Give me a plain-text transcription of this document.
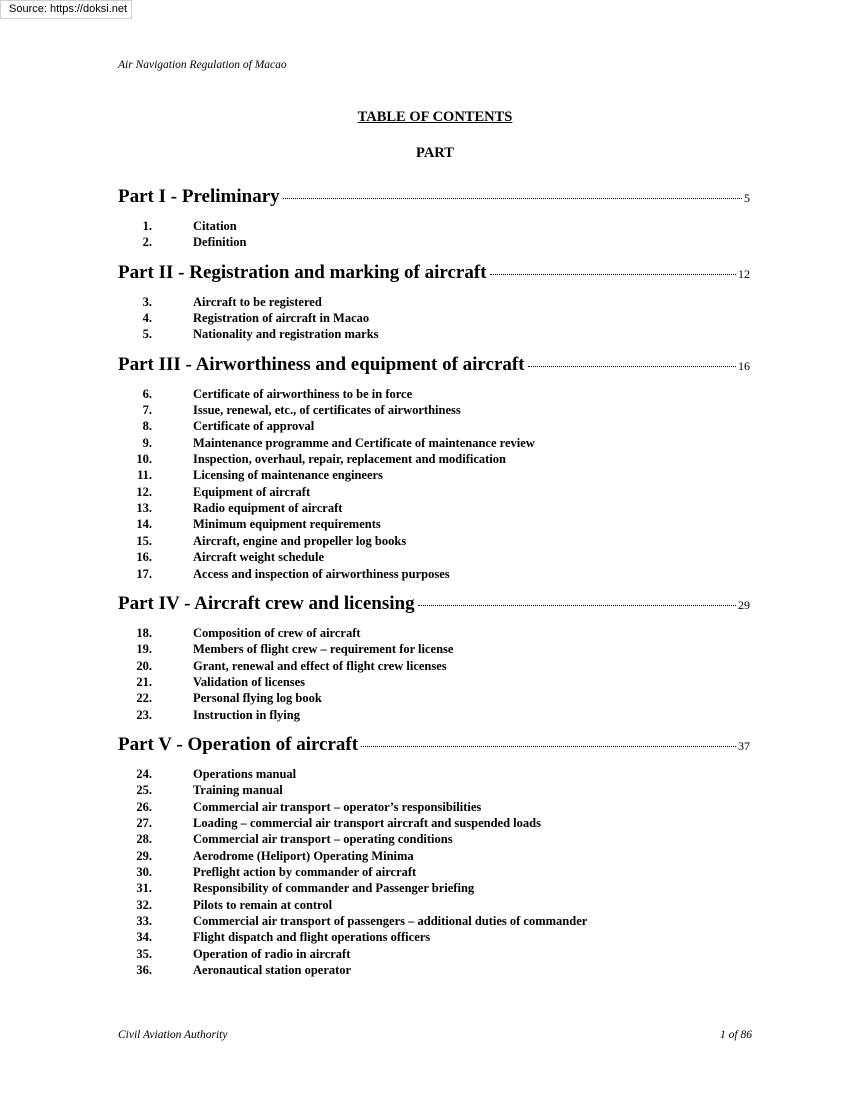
Source: https://doksi.net
Air Navigation Regulation of Macao
TABLE OF CONTENTS
PART
Part I - Preliminary	5
1.	Citation
2.	Definition
Part II - Registration and marking of aircraft	12
3.	Aircraft to be registered
4.	Registration of aircraft in Macao
5.	Nationality and registration marks
Part III - Airworthiness and equipment of aircraft	16
6.	Certificate of airworthiness to be in force
7.	Issue, renewal, etc., of certificates of airworthiness
8.	Certificate of approval
9.	Maintenance programme and Certificate of maintenance review
10.	Inspection, overhaul, repair, replacement and modification
11.	Licensing of maintenance engineers
12.	Equipment of aircraft
13.	Radio equipment of aircraft
14.	Minimum equipment requirements
15.	Aircraft, engine and propeller log books
16.	Aircraft weight schedule
17.	Access and inspection of airworthiness purposes
Part IV - Aircraft crew and licensing	29
18.	Composition of crew of aircraft
19.	Members of flight crew – requirement for license
20.	Grant, renewal and effect of flight crew licenses
21.	Validation of licenses
22.	Personal flying log book
23.	Instruction in flying
Part V - Operation of aircraft	37
24.	Operations manual
25.	Training manual
26.	Commercial air transport – operator’s responsibilities
27.	Loading – commercial air transport aircraft and suspended loads
28.	Commercial air transport – operating conditions
29.	Aerodrome (Heliport) Operating Minima
30.	Preflight action by commander of aircraft
31.	Responsibility of commander and Passenger briefing
32.	Pilots to remain at control
33.	Commercial air transport of passengers – additional duties of commander
34.	Flight dispatch and flight operations officers
35.	Operation of radio in aircraft
36.	Aeronautical station operator
Civil Aviation Authority	1 of 86
